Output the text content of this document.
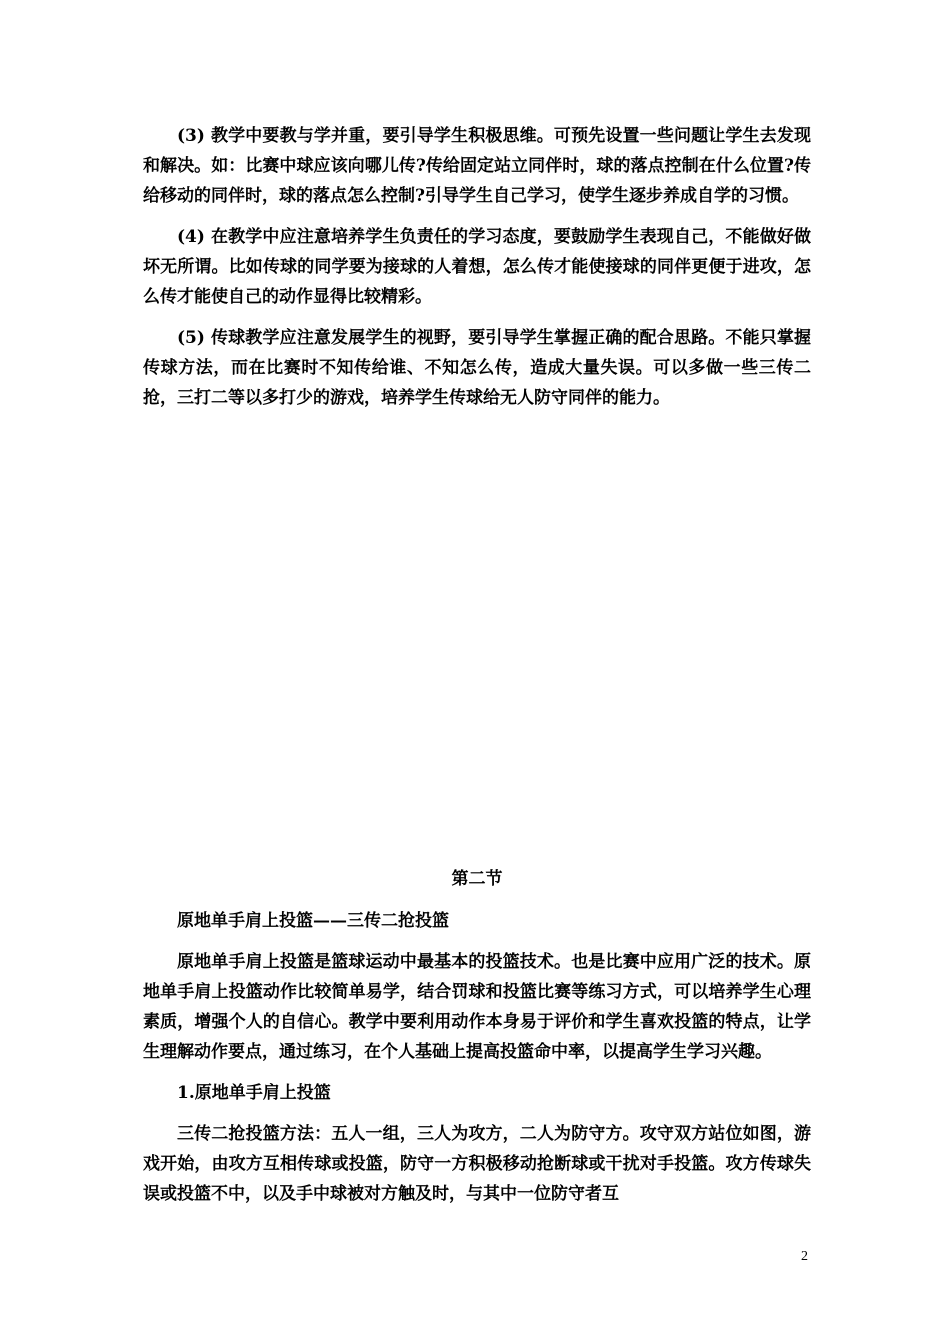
(3) 教学中要教与学并重，要引导学生积极思维。可预先设置一些问题让学生去发现和解决。如：比赛中球应该向哪儿传?传给固定站立同伴时，球的落点控制在什么位置?传给移动的同伴时，球的落点怎么控制?引导学生自己学习，使学生逐步养成自学的习惯。

(4) 在教学中应注意培养学生负责任的学习态度，要鼓励学生表现自己，不能做好做坏无所谓。比如传球的同学要为接球的人着想，怎么传才能使接球的同伴更便于进攻，怎么传才能使自己的动作显得比较精彩。

(5) 传球教学应注意发展学生的视野，要引导学生掌握正确的配合思路。不能只掌握传球方法，而在比赛时不知传给谁、不知怎么传，造成大量失误。可以多做一些三传二抢，三打二等以多打少的游戏，培养学生传球给无人防守同伴的能力。

第二节

原地单手肩上投篮——三传二抢投篮

原地单手肩上投篮是篮球运动中最基本的投篮技术。也是比赛中应用广泛的技术。原地单手肩上投篮动作比较简单易学，结合罚球和投篮比赛等练习方式，可以培养学生心理素质，增强个人的自信心。教学中要利用动作本身易于评价和学生喜欢投篮的特点，让学生理解动作要点，通过练习，在个人基础上提高投篮命中率，以提高学生学习兴趣。

1.原地单手肩上投篮

三传二抢投篮方法：五人一组，三人为攻方，二人为防守方。攻守双方站位如图，游戏开始，由攻方互相传球或投篮，防守一方积极移动抢断球或干扰对手投篮。攻方传球失误或投篮不中，以及手中球被对方触及时，与其中一位防守者互

2
